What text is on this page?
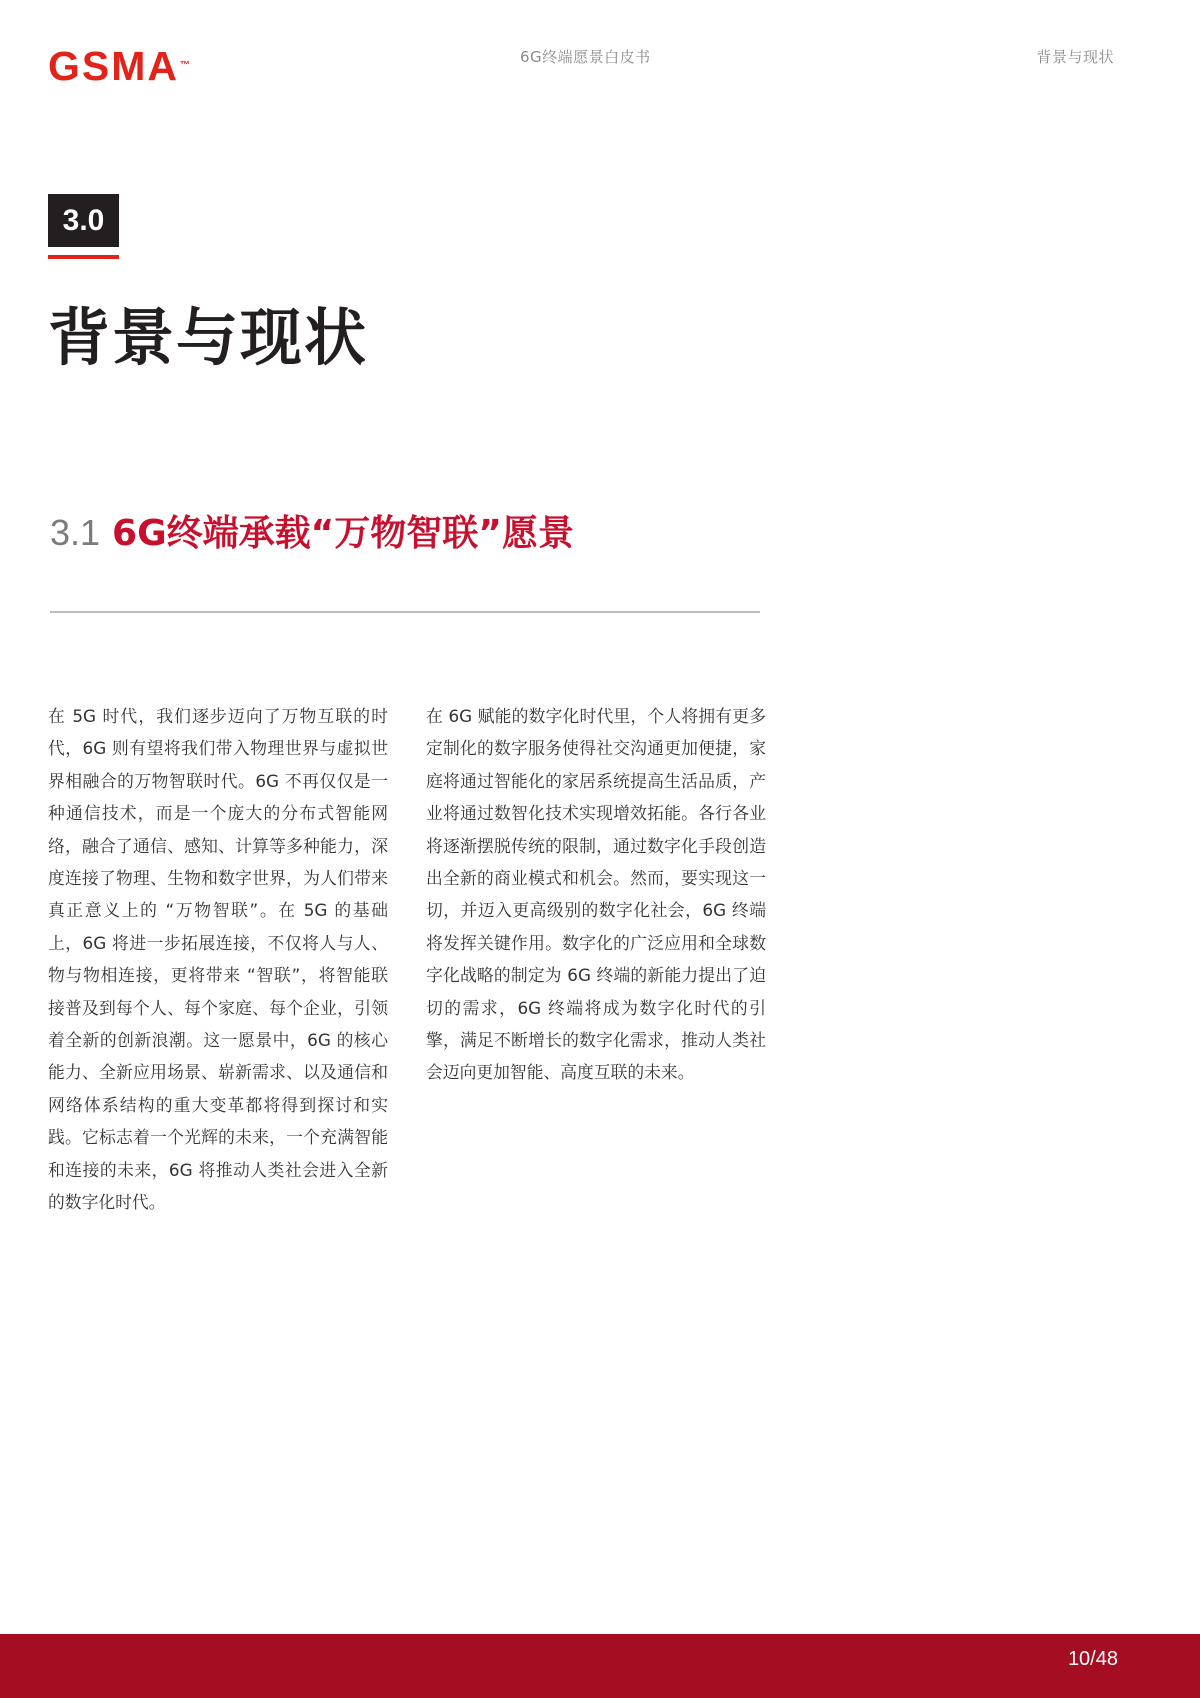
GSMA™	6G终端愿景白皮书	背景与现状
3.0
背景与现状
3.1 6G终端承载“万物智联”愿景

在 5G 时代，我们逐步迈向了万物互联的时代，6G 则有望将我们带入物理世界与虚拟世界相融合的万物智联时代。6G 不再仅仅是一种通信技术，而是一个庞大的分布式智能网络，融合了通信、感知、计算等多种能力，深度连接了物理、生物和数字世界，为人们带来真正意义上的 “万物智联”。在 5G 的基础上，6G 将进一步拓展连接，不仅将人与人、物与物相连接，更将带来 “智联”，将智能联接普及到每个人、每个家庭、每个企业，引领着全新的创新浪潮。这一愿景中，6G 的核心能力、全新应用场景、崭新需求、以及通信和网络体系结构的重大变革都将得到探讨和实践。它标志着一个光辉的未来，一个充满智能和连接的未来，6G 将推动人类社会进入全新的数字化时代。

在 6G 赋能的数字化时代里，个人将拥有更多定制化的数字服务使得社交沟通更加便捷，家庭将通过智能化的家居系统提高生活品质，产业将通过数智化技术实现增效拓能。各行各业将逐渐摆脱传统的限制，通过数字化手段创造出全新的商业模式和机会。然而，要实现这一切，并迈入更高级别的数字化社会，6G 终端将发挥关键作用。数字化的广泛应用和全球数字化战略的制定为 6G 终端的新能力提出了迫切的需求，6G 终端将成为数字化时代的引擎，满足不断增长的数字化需求，推动人类社会迈向更加智能、高度互联的未来。

10/48
